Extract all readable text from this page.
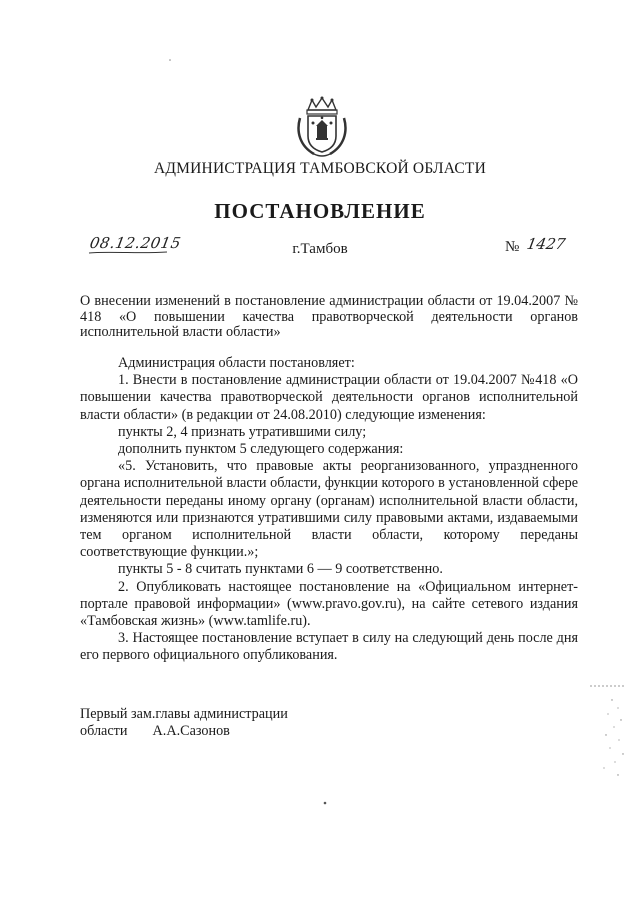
АДМИНИСТРАЦИЯ ТАМБОВСКОЙ ОБЛАСТИ
ПОСТАНОВЛЕНИЕ
08.12.2015	г.Тамбов	№ 1427
О внесении изменений в постановление администрации области от 19.04.2007 № 418 «О повышении качества правотворческой деятельности органов исполнительной власти области»

Администрация области постановляет:

1. Внести в постановление администрации области от 19.04.2007 №418 «О повышении качества правотворческой деятельности органов исполнительной власти области» (в редакции от 24.08.2010) следующие изменения:

пункты 2, 4 признать утратившими силу;

дополнить пунктом 5 следующего содержания:

«5. Установить, что правовые акты реорганизованного, упраздненного органа исполнительной власти области, функции которого в установленной сфере деятельности переданы иному органу (органам) исполнительной власти области, изменяются или признаются утратившими силу правовыми актами, издаваемыми тем органом исполнительной власти области, которому переданы соответствующие функции.»;

пункты 5 - 8 считать пунктами 6 — 9 соответственно.

2. Опубликовать настоящее постановление на «Официальном интернет-портале правовой информации» (www.pravo.gov.ru), на сайте сетевого издания «Тамбовская жизнь» (www.tamlife.ru).

3. Настоящее постановление вступает в силу на следующий день после дня его первого официального опубликования.

Первый зам.главы администрации
области А.А.Сазонов
